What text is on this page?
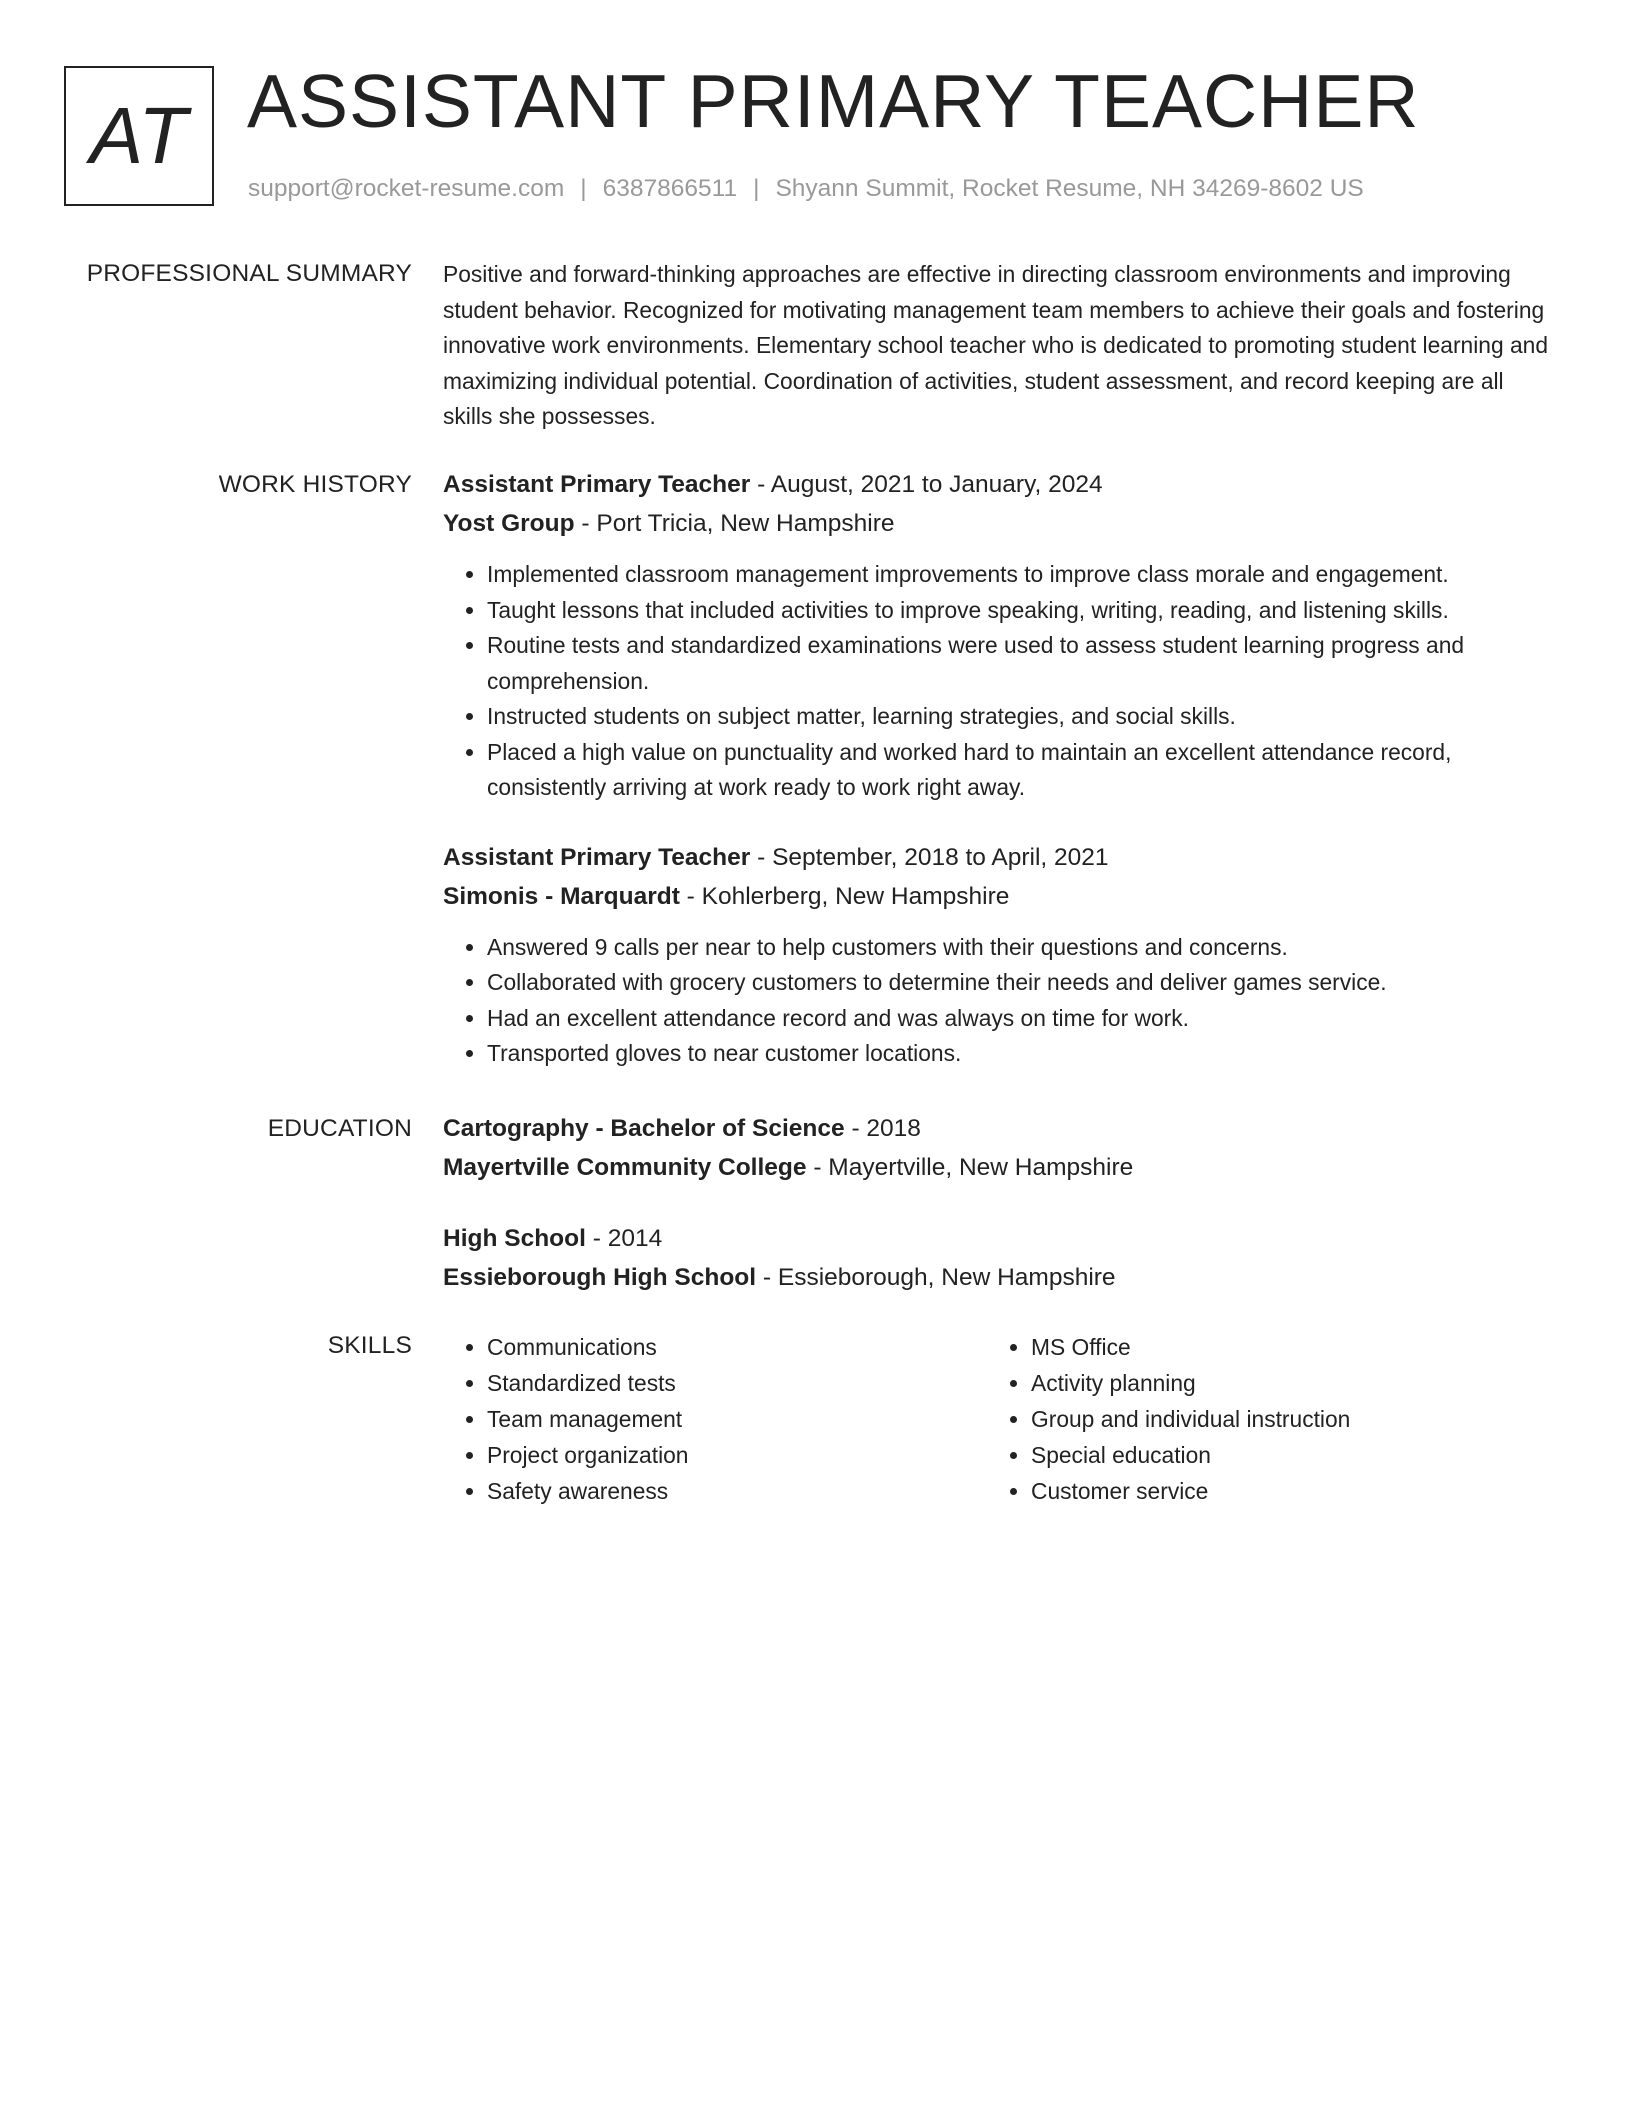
AT ASSISTANT PRIMARY TEACHER
support@rocket-resume.com | 6387866511 | Shyann Summit, Rocket Resume, NH 34269-8602 US
PROFESSIONAL SUMMARY Positive and forward-thinking approaches are effective in directing classroom environments and improving student behavior. Recognized for motivating management team members to achieve their goals and fostering innovative work environments. Elementary school teacher who is dedicated to promoting student learning and maximizing individual potential. Coordination of activities, student assessment, and record keeping are all skills she possesses.

WORK HISTORY Assistant Primary Teacher - August, 2021 to January, 2024
Yost Group - Port Tricia, New Hampshire
• Implemented classroom management improvements to improve class morale and engagement.
• Taught lessons that included activities to improve speaking, writing, reading, and listening skills.
• Routine tests and standardized examinations were used to assess student learning progress and comprehension.
• Instructed students on subject matter, learning strategies, and social skills.
• Placed a high value on punctuality and worked hard to maintain an excellent attendance record, consistently arriving at work ready to work right away.
Assistant Primary Teacher - September, 2018 to April, 2021
Simonis - Marquardt - Kohlerberg, New Hampshire
• Answered 9 calls per near to help customers with their questions and concerns.
• Collaborated with grocery customers to determine their needs and deliver games service.
• Had an excellent attendance record and was always on time for work.
• Transported gloves to near customer locations.
EDUCATION Cartography - Bachelor of Science - 2018
Mayertville Community College - Mayertville, New Hampshire
High School - 2014
Essieborough High School - Essieborough, New Hampshire
SKILLS
•	Communications
• Standardized tests
• Team management
• Project organization
• Safety awareness
• MS Office
• Activity planning
• Group and individual instruction
• Special education
• Customer service
